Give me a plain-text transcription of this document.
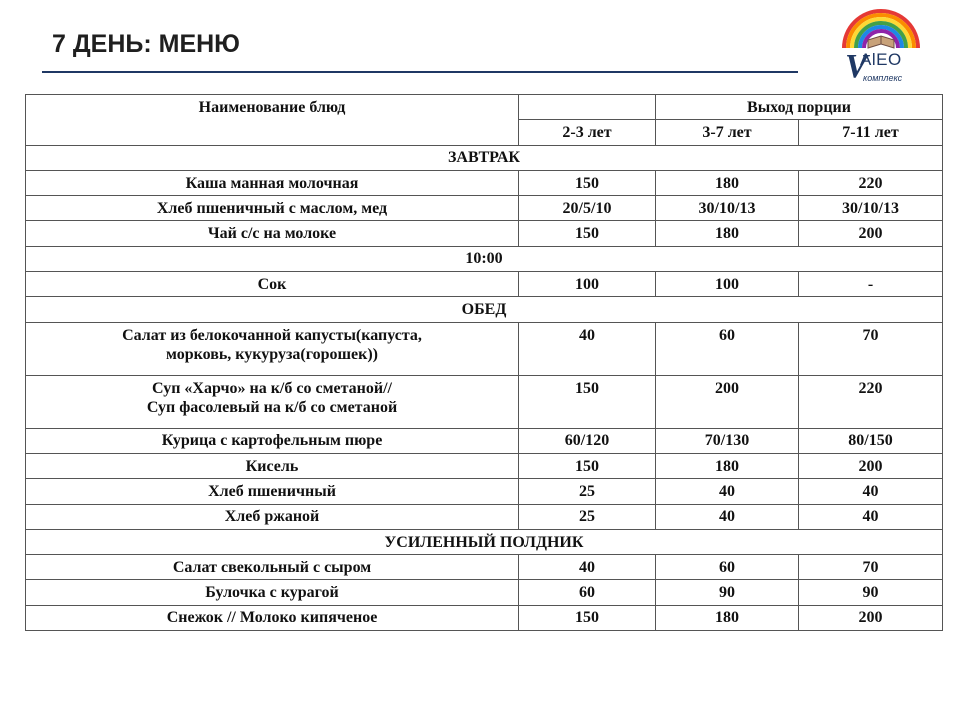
7 ДЕНЬ: МЕНЮ
V
AlEO
комплекс
Наименование блюд		Выход порции	
	2-3 лет	3-7 лет	7-11 лет
ЗАВТРАК			
Каша манная молочная	150	180	220
Хлеб пшеничный с маслом, мед	20/5/10	30/10/13	30/10/13
Чай с/с на молоке	150	180	200
10:00			
Сок	100	100	-
ОБЕД			

Салат из белокочанной капусты(капуста,
морковь, кукуруза(горошек))	40	60	70

Суп «Харчо» на к/б со сметаной//
Суп фасолевый на к/б со сметаной	150	200	220
Курица с картофельным пюре	60/120	70/130	80/150
Кисель	150	180	200
Хлеб пшеничный	25	40	40
Хлеб ржаной	25	40	40
УСИЛЕННЫЙ ПОЛДНИК			
Салат свекольный с сыром	40	60	70
Булочка с курагой	60	90	90
Снежок // Молоко кипяченое	150	180	200
